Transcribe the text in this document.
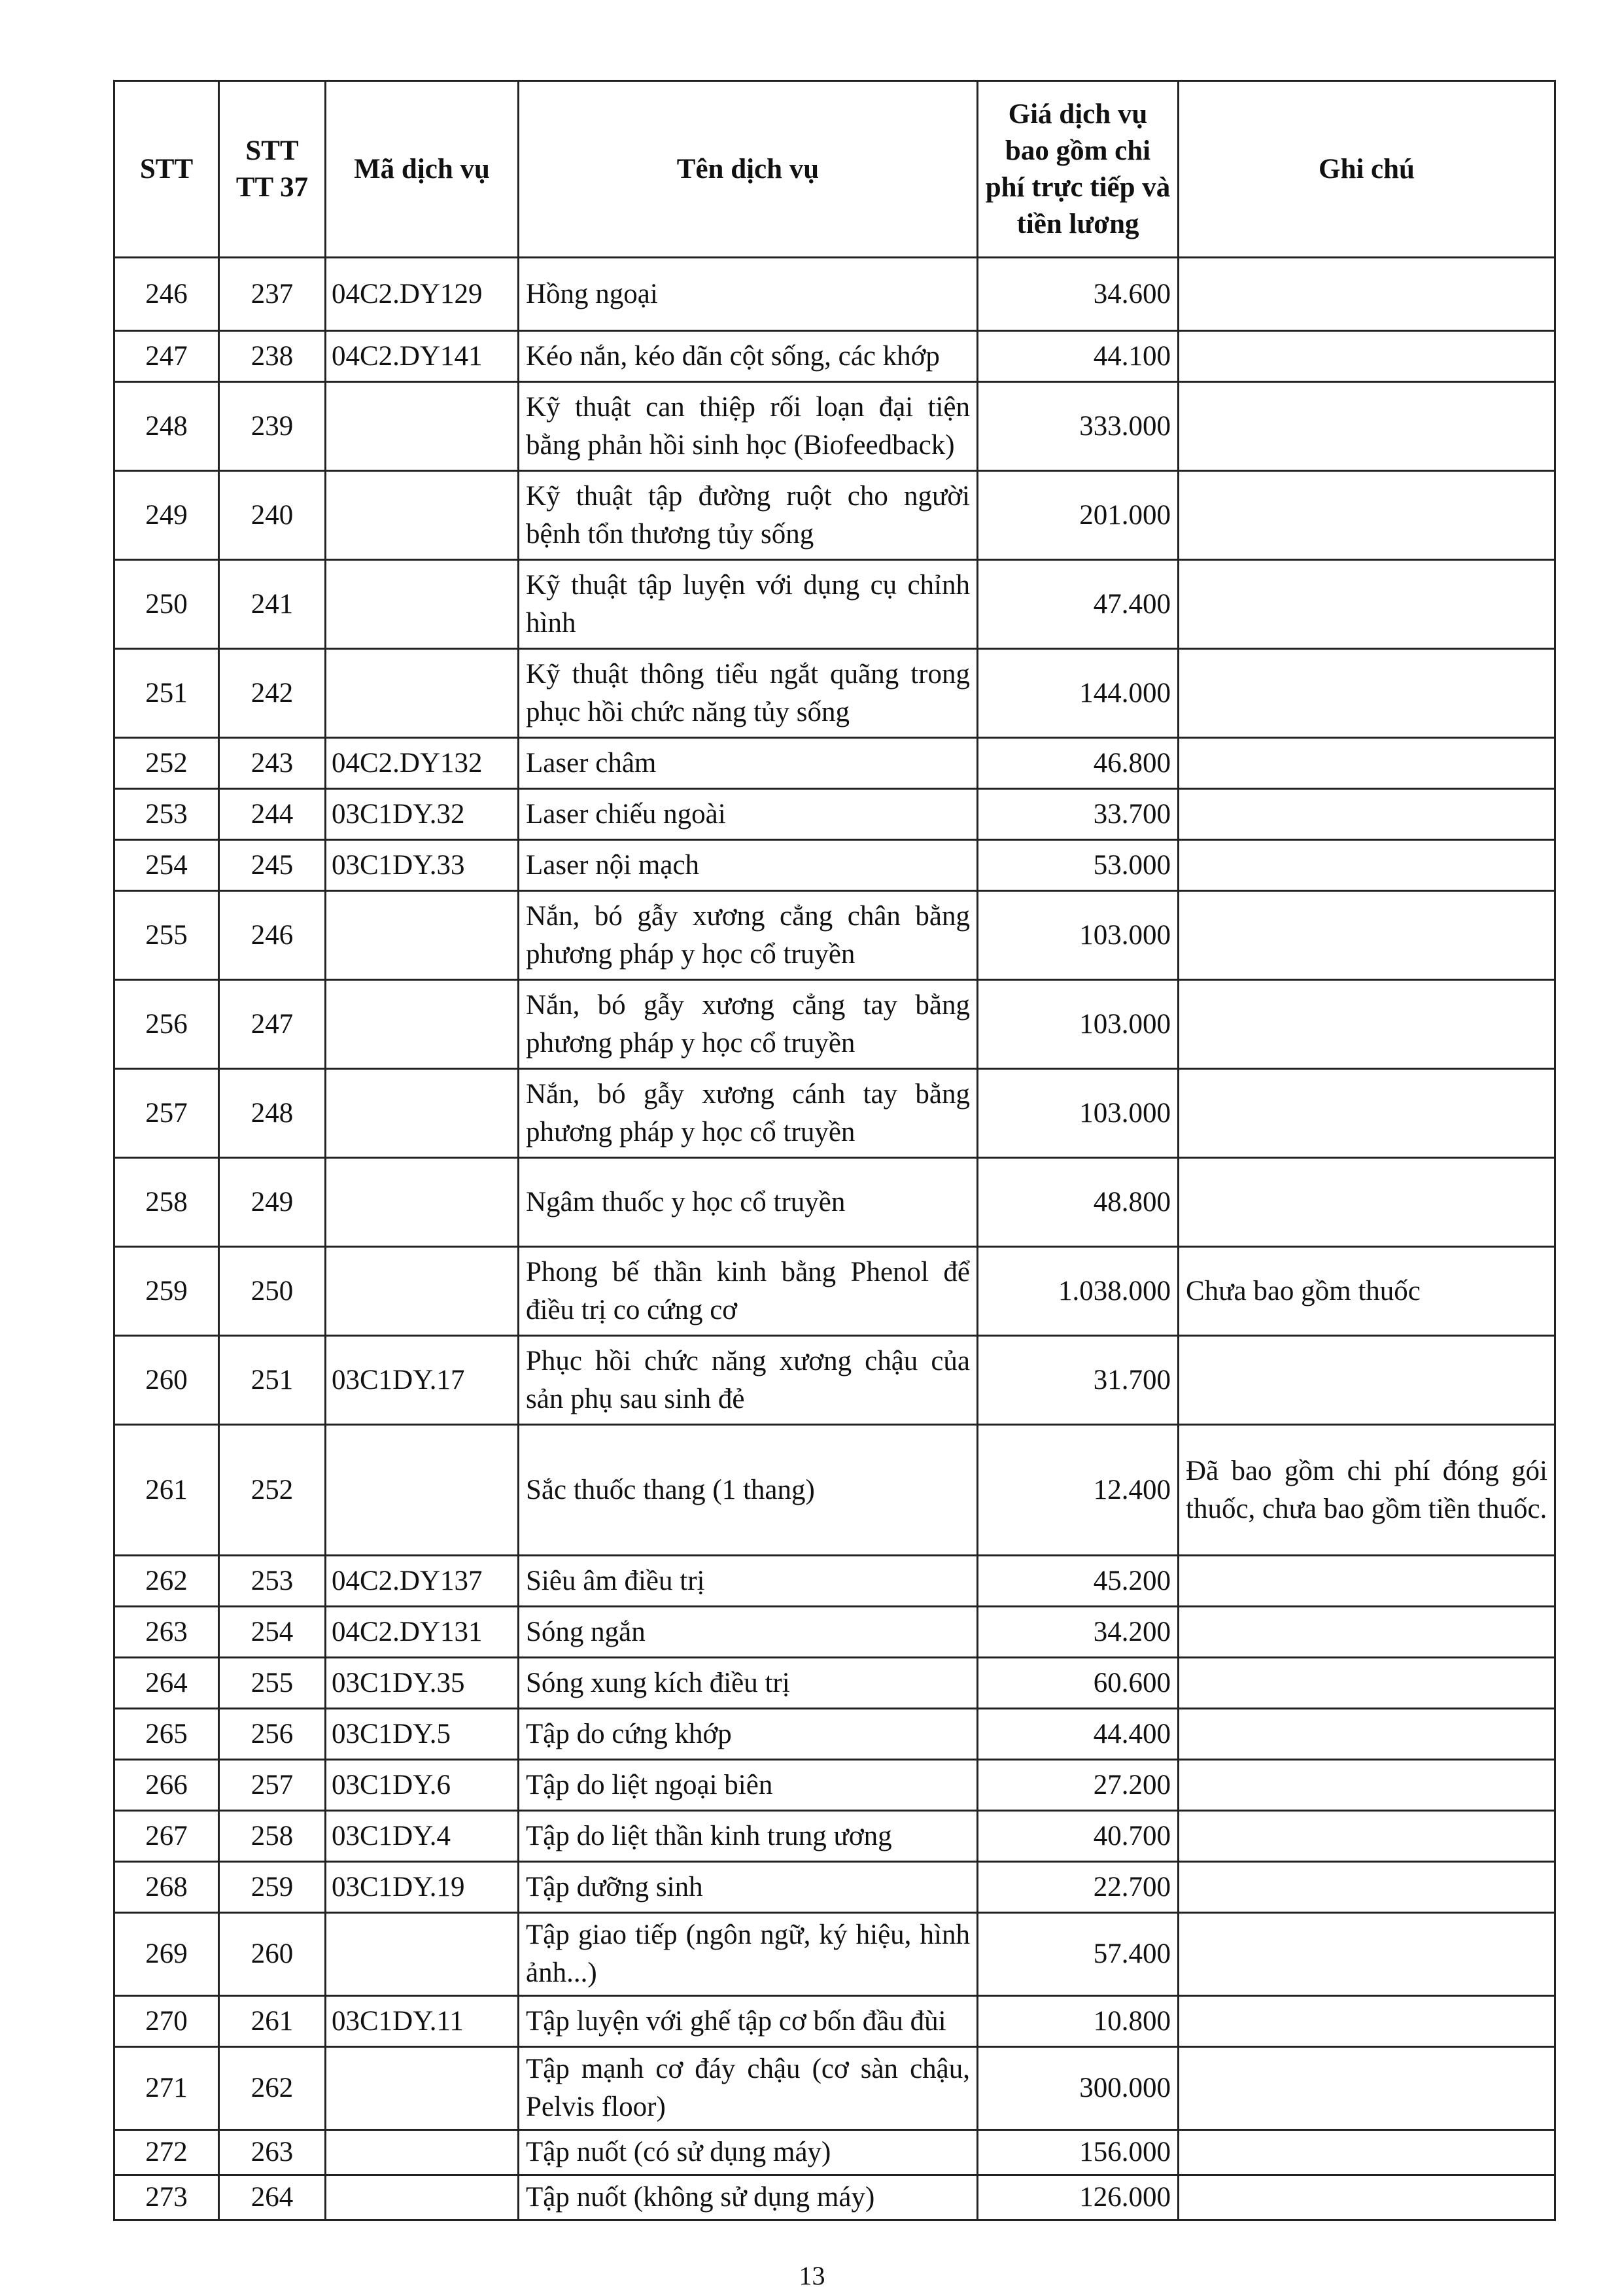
STT	STT TT 37	Mã dịch vụ	Tên dịch vụ	Giá dịch vụ bao gồm chi phí trực tiếp và tiền lương	Ghi chú
246	237	04C2.DY129	Hồng ngoại	34.600	
247	238	04C2.DY141	Kéo nắn, kéo dãn cột sống, các khớp	44.100	
248	239		Kỹ thuật can thiệp rối loạn đại tiện bằng phản hồi sinh học (Biofeedback)	333.000	
249	240		Kỹ thuật tập đường ruột cho người bệnh tổn thương tủy sống	201.000	
250	241		Kỹ thuật tập luyện với dụng cụ chỉnh hình	47.400	
251	242		Kỹ thuật thông tiểu ngắt quãng trong phục hồi chức năng tủy sống	144.000	
252	243	04C2.DY132	Laser châm	46.800	
253	244	03C1DY.32	Laser chiếu ngoài	33.700	
254	245	03C1DY.33	Laser nội mạch	53.000	
255	246		Nắn, bó gẫy xương cẳng chân bằng phương pháp y học cổ truyền	103.000	
256	247		Nắn, bó gẫy xương cẳng tay bằng phương pháp y học cổ truyền	103.000	
257	248		Nắn, bó gẫy xương cánh tay bằng phương pháp y học cổ truyền	103.000	
258	249		Ngâm thuốc y học cổ truyền	48.800	
259	250		Phong bế thần kinh bằng Phenol để điều trị co cứng cơ	1.038.000	Chưa bao gồm thuốc
260	251	03C1DY.17	Phục hồi chức năng xương chậu của sản phụ sau sinh đẻ	31.700	
261	252		Sắc thuốc thang (1 thang)	12.400	Đã bao gồm chi phí đóng gói thuốc, chưa bao gồm tiền thuốc.
262	253	04C2.DY137	Siêu âm điều trị	45.200	
263	254	04C2.DY131	Sóng ngắn	34.200	
264	255	03C1DY.35	Sóng xung kích điều trị	60.600	
265	256	03C1DY.5	Tập do cứng khớp	44.400	
266	257	03C1DY.6	Tập do liệt ngoại biên	27.200	
267	258	03C1DY.4	Tập do liệt thần kinh trung ương	40.700	
268	259	03C1DY.19	Tập dưỡng sinh	22.700	
269	260		Tập giao tiếp (ngôn ngữ, ký hiệu, hình ảnh...)	57.400	
270	261	03C1DY.11	Tập luyện với ghế tập cơ bốn đầu đùi	10.800	
271	262		Tập mạnh cơ đáy chậu (cơ sàn chậu, Pelvis floor)	300.000	
272	263		Tập nuốt (có sử dụng máy)	156.000	
273	264		Tập nuốt (không sử dụng máy)	126.000	
13
